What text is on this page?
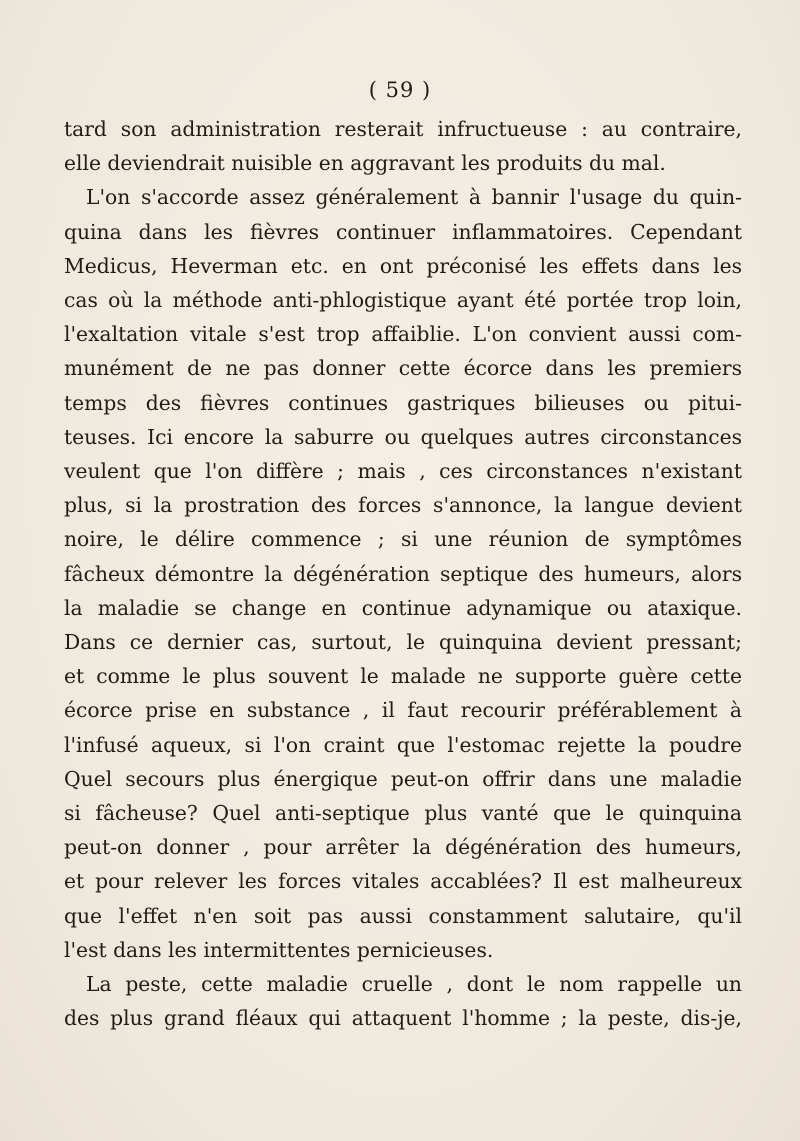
( 59 )
tard son administration resterait infructueuse : au contraire,
elle deviendrait nuisible en aggravant les produits du mal.
L'on s'accorde assez généralement à bannir l'usage du quin-
quina dans les fièvres continuer inflammatoires. Cependant
Medicus, Heverman etc. en ont préconisé les effets dans les
cas où la méthode anti-phlogistique ayant été portée trop loin,
l'exaltation vitale s'est trop affaiblie. L'on convient aussi com-
munément de ne pas donner cette écorce dans les premiers
temps des fièvres continues gastriques bilieuses ou pitui-
teuses. Ici encore la saburre ou quelques autres circonstances
veulent que l'on diffère ; mais , ces circonstances n'existant
plus, si la prostration des forces s'annonce, la langue devient
noire, le délire commence ; si une réunion de symptômes
fâcheux démontre la dégénération septique des humeurs, alors
la maladie se change en continue adynamique ou ataxique.
Dans ce dernier cas, surtout, le quinquina devient pressant;
et comme le plus souvent le malade ne supporte guère cette
écorce prise en substance , il faut recourir préférablement à
l'infusé aqueux, si l'on craint que l'estomac rejette la poudre
Quel secours plus énergique peut-on offrir dans une maladie
si fâcheuse? Quel anti-septique plus vanté que le quinquina
peut-on donner , pour arrêter la dégénération des humeurs,
et pour relever les forces vitales accablées? Il est malheureux
que l'effet n'en soit pas aussi constamment salutaire, qu'il
l'est dans les intermittentes pernicieuses.
La peste, cette maladie cruelle , dont le nom rappelle un
des plus grand fléaux qui attaquent l'homme ; la peste, dis-je,
